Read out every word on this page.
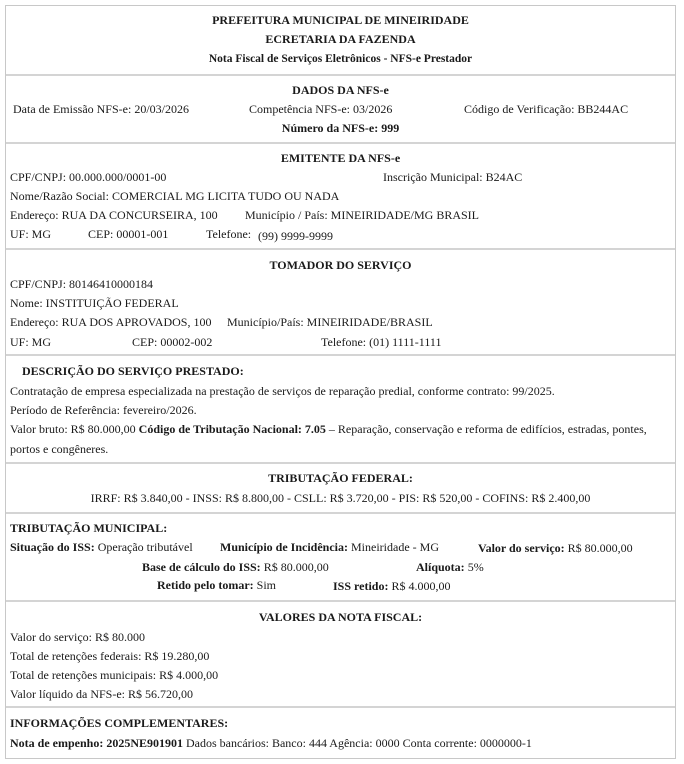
PREFEITURA MUNICIPAL DE MINEIRIDADE
ECRETARIA DA FAZENDA
Nota Fiscal de Serviços Eletrônicos - NFS-e Prestador
DADOS DA NFS-e
Data de Emissão NFS-e: 20/03/2026	Competência NFS-e: 03/2026	Código de Verificação: BB244AC
Número da NFS-e: 999
EMITENTE DA NFS-e
CPF/CNPJ: 00.000.000/0001-00	Inscrição Municipal: B24AC
Nome/Razão Social: COMERCIAL MG LICITA TUDO OU NADA
Endereço: RUA DA CONCURSEIRA, 100 Município / País: MINEIRIDADE/MG BRASIL
UF: MG	CEP: 00001-001	Telefone: (99) 9999-9999
TOMADOR DO SERVIÇO
CPF/CNPJ: 80146410000184
Nome: INSTITUIÇÃO FEDERAL
Endereço: RUA DOS APROVADOS, 100 Município/País: MINEIRIDADE/BRASIL
UF: MG	CEP: 00002-002	Telefone: (01) 1111-1111
DESCRIÇÃO DO SERVIÇO PRESTADO:
Contratação de empresa especializada na prestação de serviços de reparação predial, conforme contrato: 99/2025.
Período de Referência: fevereiro/2026.
Valor bruto: R$ 80.000,00 Código de Tributação Nacional: 7.05 – Reparação, conservação e reforma de edifícios, estradas, pontes,
portos e congêneres.
TRIBUTAÇÃO FEDERAL:
IRRF: R$ 3.840,00 - INSS: R$ 8.800,00 - CSLL: R$ 3.720,00 - PIS: R$ 520,00 - COFINS: R$ 2.400,00
TRIBUTAÇÃO MUNICIPAL:
Situação do ISS: Operação tributável Município de Incidência: Mineiridade - MG	Valor do serviço: R$ 80.000,00
Base de cálculo do ISS: R$ 80.000,00	Alíquota: 5%
Retido pelo tomar: Sim	ISS retido: R$ 4.000,00
VALORES DA NOTA FISCAL:
Valor do serviço: R$ 80.000
Total de retenções federais: R$ 19.280,00
Total de retenções municipais: R$ 4.000,00
Valor líquido da NFS-e: R$ 56.720,00
INFORMAÇÕES COMPLEMENTARES:
Nota de empenho: 2025NE901901 Dados bancários: Banco: 444 Agência: 0000 Conta corrente: 0000000-1
